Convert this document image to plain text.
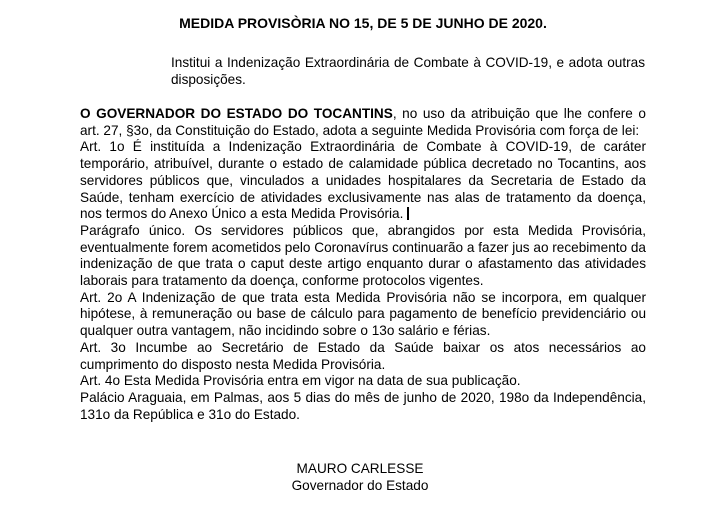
MEDIDA PROVISÒRIA NO 15, DE 5 DE JUNHO DE 2020.
Institui a Indenização Extraordinária de Combate à COVID-19, e adota outras disposições.

O GOVERNADOR DO ESTADO DO TOCANTINS, no uso da atribuição que lhe confere o art. 27, §3o, da Constituição do Estado, adota a seguinte Medida Provisória com força de lei:

Art. 1o É instituída a Indenização Extraordinária de Combate à COVID-19, de caráter temporário, atribuível, durante o estado de calamidade pública decretado no Tocantins, aos servidores públicos que, vinculados a unidades hospitalares da Secretaria de Estado da Saúde, tenham exercício de atividades exclusivamente nas alas de tratamento da doença, nos termos do Anexo Único a esta Medida Provisória.

Parágrafo único. Os servidores públicos que, abrangidos por esta Medida Provisória, eventualmente forem acometidos pelo Coronavírus continuarão a fazer jus ao recebimento da indenização de que trata o caput deste artigo enquanto durar o afastamento das atividades laborais para tratamento da doença, conforme protocolos vigentes.

Art. 2o A Indenização de que trata esta Medida Provisória não se incorpora, em qualquer hipótese, à remuneração ou base de cálculo para pagamento de benefício previdenciário ou qualquer outra vantagem, não incidindo sobre o 13o salário e férias.

Art. 3o Incumbe ao Secretário de Estado da Saúde baixar os atos necessários ao cumprimento do disposto nesta Medida Provisória.

Art. 4o Esta Medida Provisória entra em vigor na data de sua publicação.

Palácio Araguaia, em Palmas, aos 5 dias do mês de junho de 2020, 198o da Independência, 131o da República e 31o do Estado.

MAURO CARLESSE
Governador do Estado
